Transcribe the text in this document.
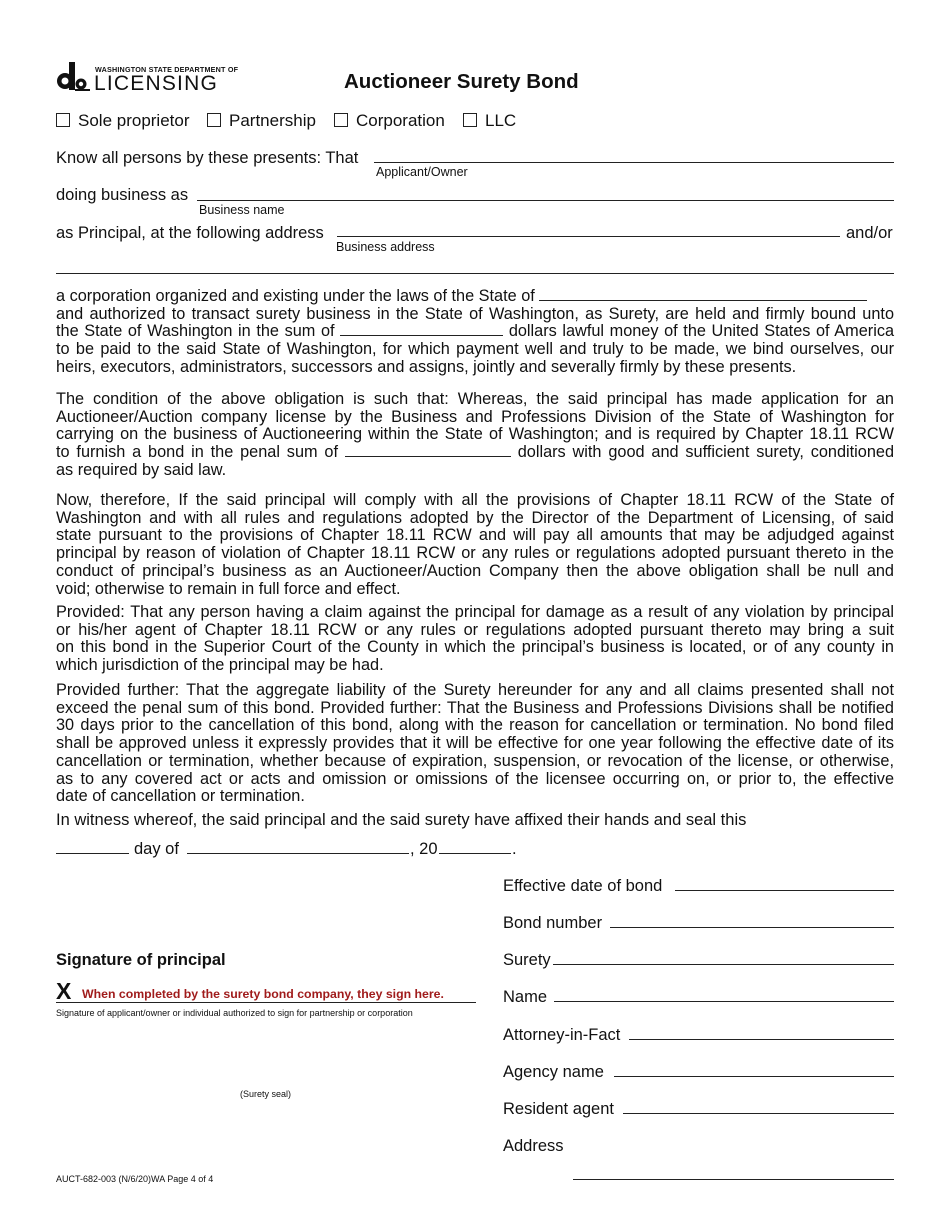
WASHINGTON STATE DEPARTMENT OF
LICENSING	Auctioneer Surety Bond
Sole proprietor	Partnership	Corporation	LLC
Know all persons by these presents: That
Applicant/Owner
doing business as
Business name
as Principal, at the following address	and/or
Business address
a corporation organized and existing under the laws of the State of
and authorized to transact surety business in the State of Washington, as Surety, are held and firmly bound unto
the State of Washington in the sum of	dollars lawful money of the United States of America
to be paid to the said State of Washington, for which payment well and truly to be made, we bind ourselves, our
heirs, executors, administrators, successors and assigns, jointly and severally firmly by these presents.
The condition of the above obligation is such that: Whereas, the said principal has made application for an
Auctioneer/Auction company license by the Business and Professions Division of the State of Washington for
carrying on the business of Auctioneering within the State of Washington; and is required by Chapter 18.11 RCW
to furnish a bond in the penal sum of	dollars with good and sufficient surety, conditioned
as required by said law.
Now, therefore, If the said principal will comply with all the provisions of Chapter 18.11 RCW of the State of
Washington and with all rules and regulations adopted by the Director of the Department of Licensing, of said
state pursuant to the provisions of Chapter 18.11 RCW and will pay all amounts that may be adjudged against
principal by reason of violation of Chapter 18.11 RCW or any rules or regulations adopted pursuant thereto in the
conduct of principal’s business as an Auctioneer/Auction Company then the above obligation shall be null and
void; otherwise to remain in full force and effect.
Provided: That any person having a claim against the principal for damage as a result of any violation by principal
or his/her agent of Chapter 18.11 RCW or any rules or regulations adopted pursuant thereto may bring a suit
on this bond in the Superior Court of the County in which the principal’s business is located, or of any county in
which jurisdiction of the principal may be had.
Provided further: That the aggregate liability of the Surety hereunder for any and all claims presented shall not
exceed the penal sum of this bond. Provided further: That the Business and Professions Divisions shall be notified
30 days prior to the cancellation of this bond, along with the reason for cancellation or termination. No bond filed
shall be approved unless it expressly provides that it will be effective for one year following the effective date of its
cancellation or termination, whether because of expiration, suspension, or revocation of the license, or otherwise,
as to any covered act or acts and omission or omissions of the licensee occurring on, or prior to, the effective
date of cancellation or termination.
In witness whereof, the said principal and the said surety have affixed their hands and seal this
day of	, 20	.
Signature of principal
X When completed by the surety bond company, they sign here.
Signature of applicant/owner or individual authorized to sign for partnership or corporation
(Surety seal)
Effective date of bond
Bond number
Surety
Name
Attorney-in-Fact
Agency name
Resident agent
Address
AUCT-682-003 (N/6/20)WA Page 4 of 4
